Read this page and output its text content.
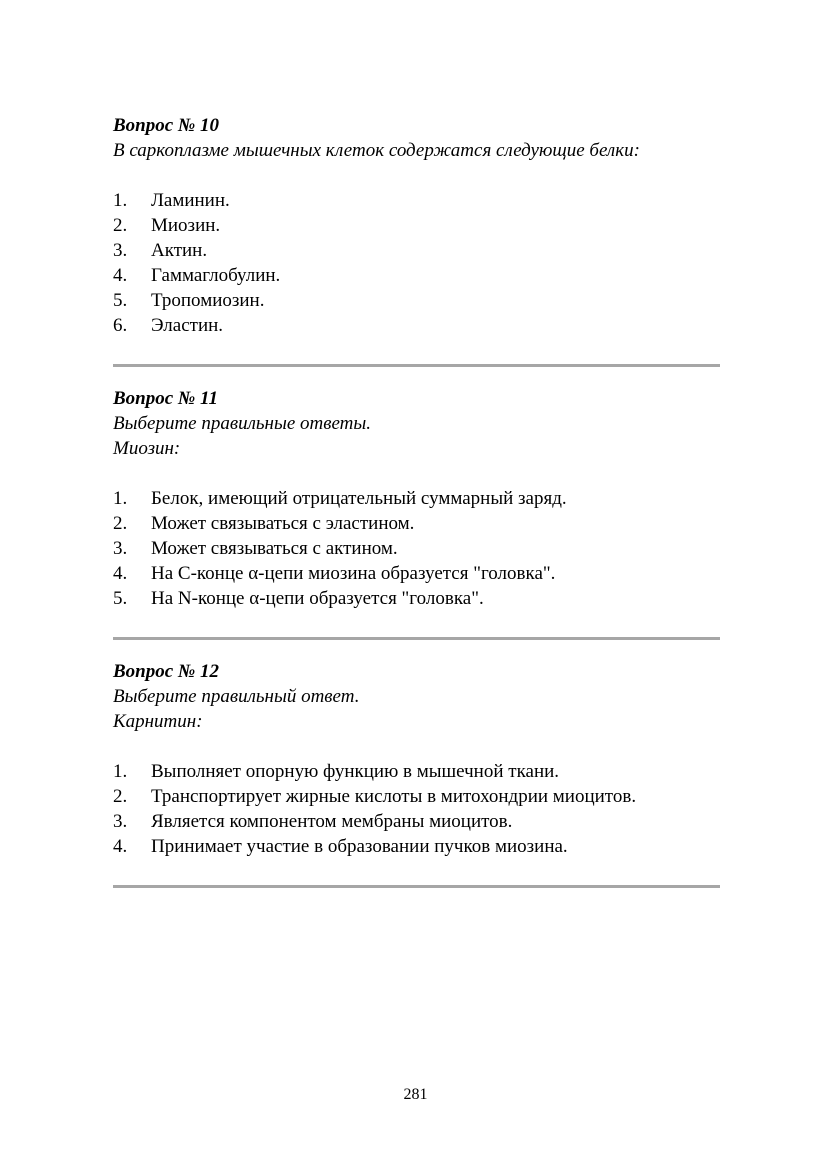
Вопрос № 10

В саркоплазме мышечных клеток содержатся следующие белки:

1.	Ламинин.
2.	Миозин.
3.	Актин.
4.	Гаммаглобулин.
5.	Тропомиозин.
6.	Эластин.

Вопрос № 11

Выберите правильные ответы.

Миозин:

1.	Белок, имеющий отрицательный суммарный заряд.
2.	Может связываться с эластином.
3.	Может связываться с актином.
4.	На С-конце α-цепи миозина образуется "головка".
5.	На N-конце α-цепи образуется "головка".

Вопрос № 12

Выберите правильный ответ.

Карнитин:

1.	Выполняет опорную функцию в мышечной ткани.
2.	Транспортирует жирные кислоты в митохондрии миоцитов.
3.	Является компонентом мембраны миоцитов.
4.	Принимает участие в образовании пучков миозина.
281
